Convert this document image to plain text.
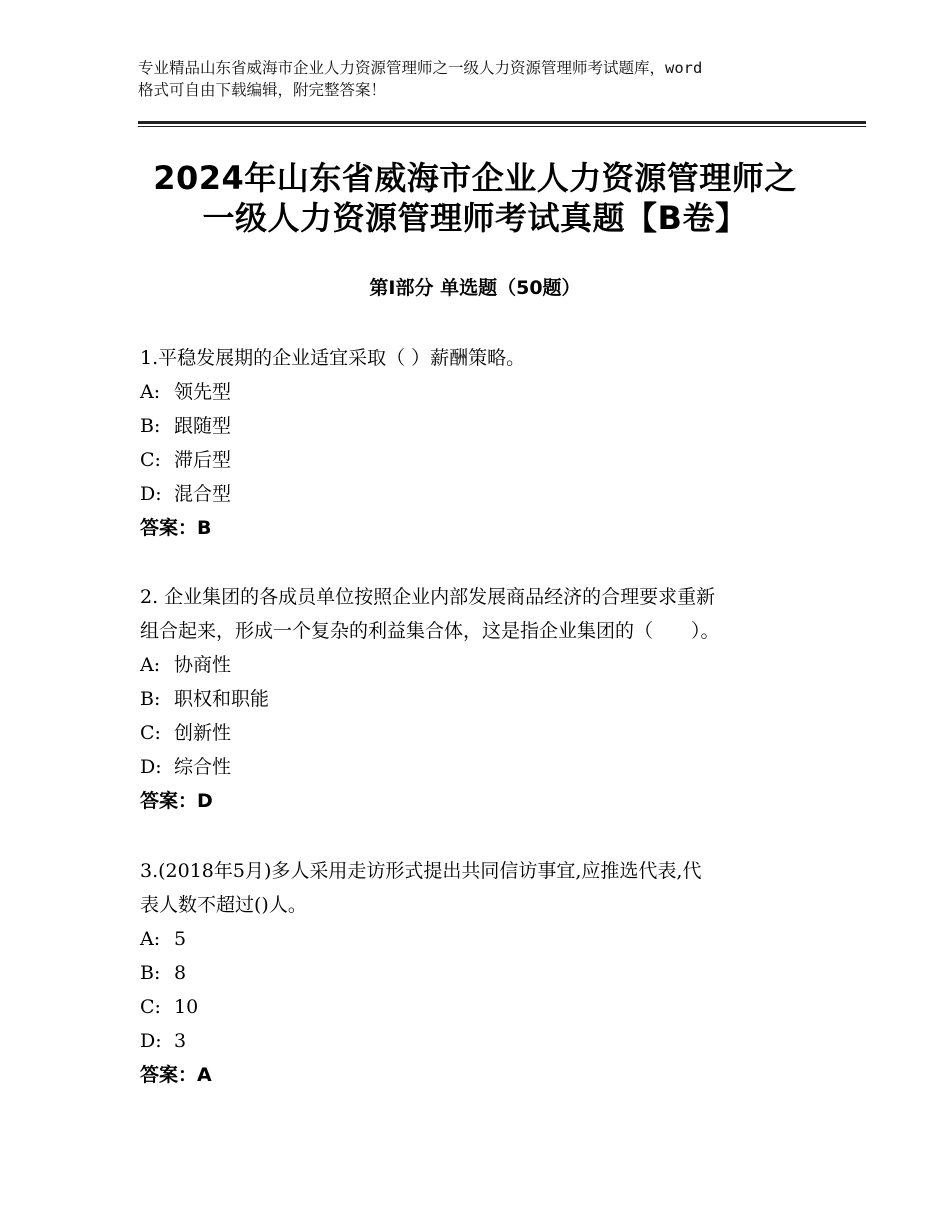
专业精品山东省威海市企业人力资源管理师之一级人力资源管理师考试题库，word
格式可自由下载编辑，附完整答案！
2024年山东省威海市企业人力资源管理师之
一级人力资源管理师考试真题【B卷】
第Ⅰ部分 单选题（50题）

1.平稳发展期的企业适宜采取（ ）薪酬策略。

A: 领先型

B: 跟随型

C: 滞后型

D: 混合型

答案：B

2. 企业集团的各成员单位按照企业内部发展商品经济的合理要求重新

组合起来，形成一个复杂的利益集合体，这是指企业集团的（　　）。

A: 协商性

B: 职权和职能

C: 创新性

D: 综合性

答案：D

3.(2018年5月)多人采用走访形式提出共同信访事宜,应推选代表,代

表人数不超过()人。

A: 5

B: 8

C: 10

D: 3

答案：A
